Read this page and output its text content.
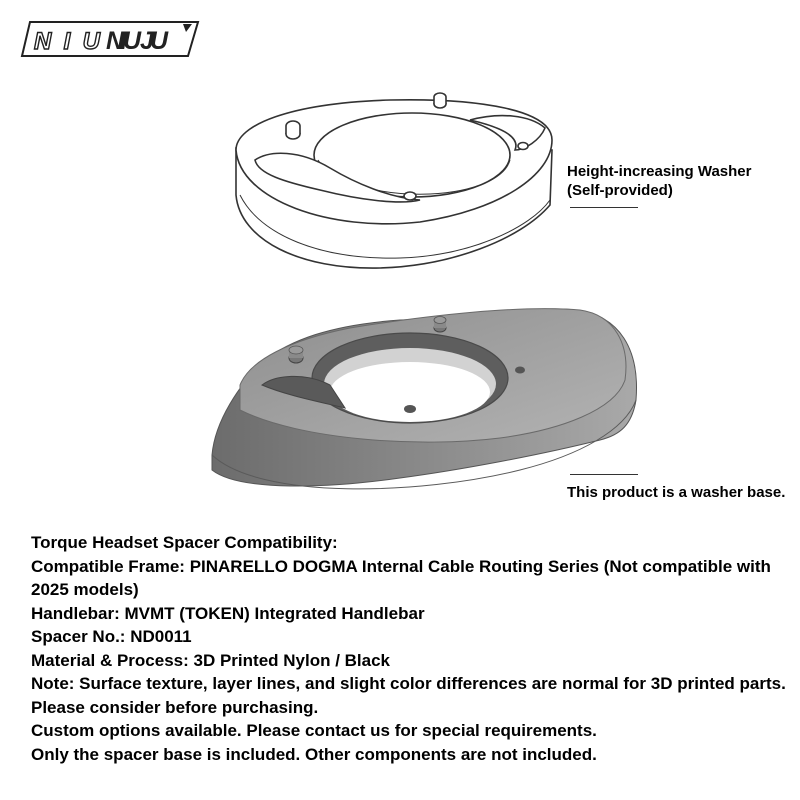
NIU NIU JU
Height-increasing Washer (Self-provided)
This product is a washer base.
Torque Headset Spacer Compatibility:
Compatible Frame: PINARELLO DOGMA Internal Cable Routing Series (Not compatible with 2025 models)
Handlebar: MVMT (TOKEN) Integrated Handlebar
Spacer No.: ND0011
Material & Process: 3D Printed Nylon / Black
Note: Surface texture, layer lines, and slight color differences are normal for 3D printed parts. Please consider before purchasing.
Custom options available. Please contact us for special requirements.
Only the spacer base is included. Other components are not included.
